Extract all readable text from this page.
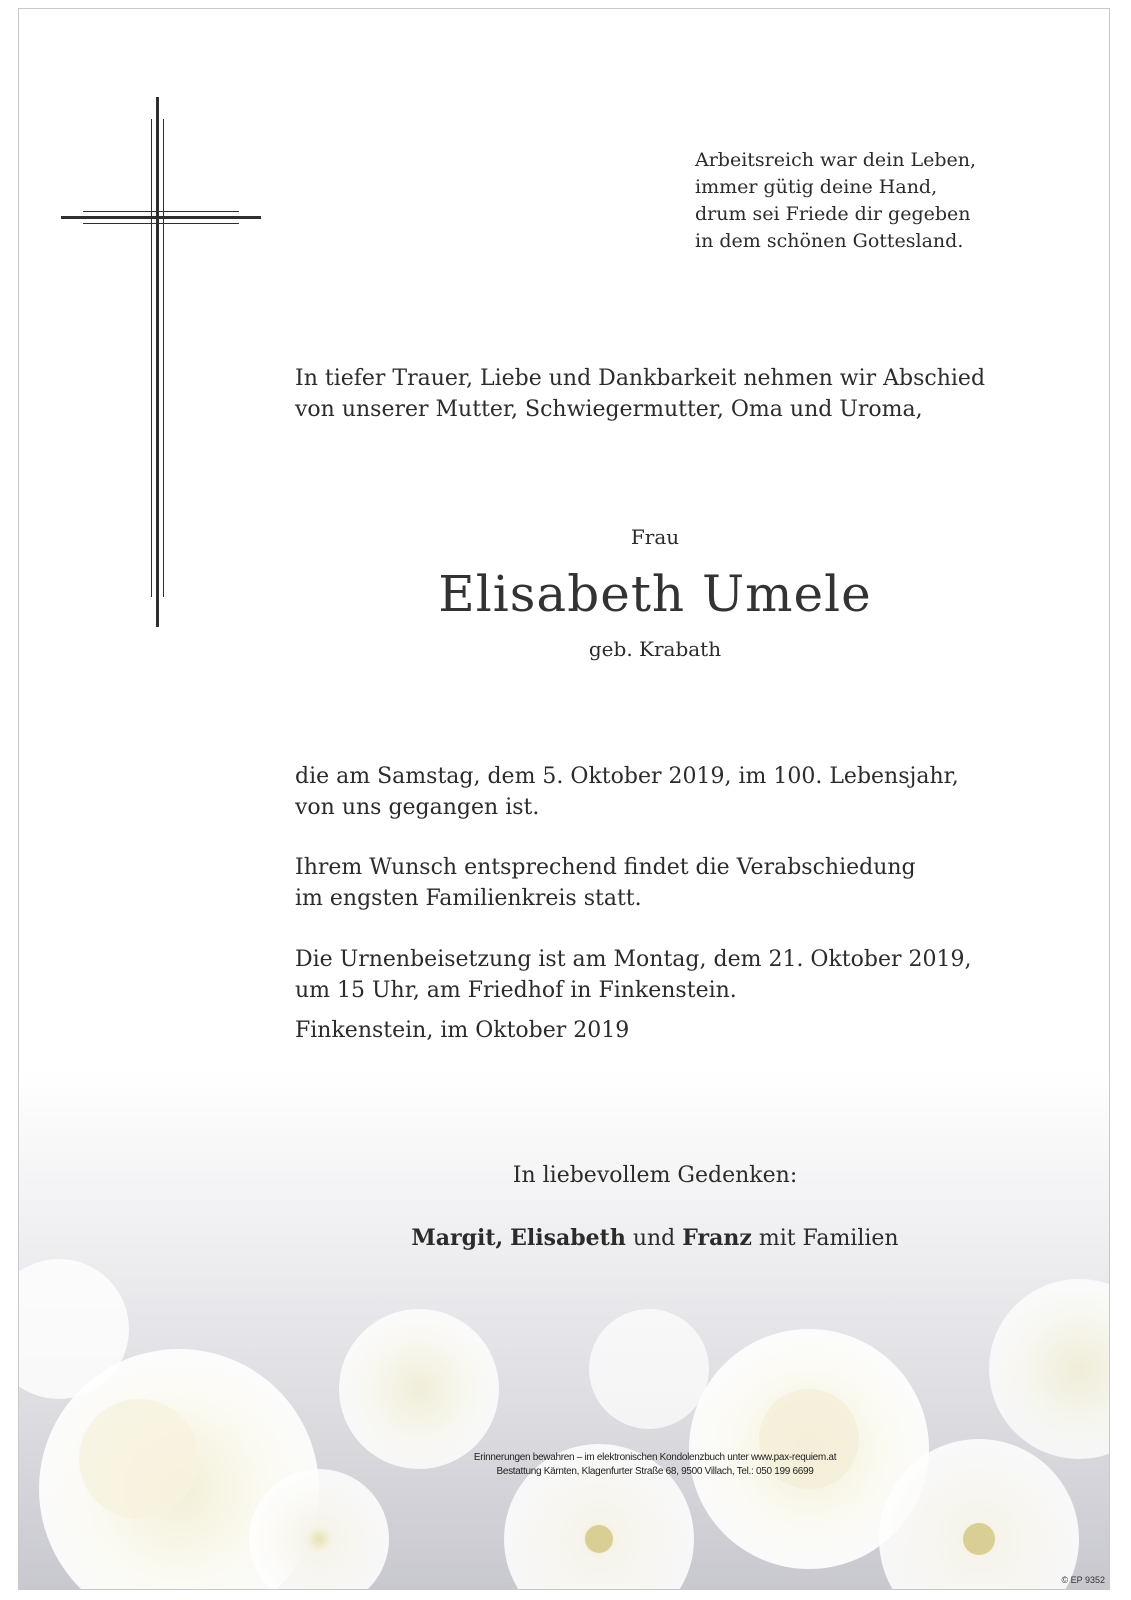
Arbeitsreich war dein Leben,
immer gütig deine Hand,
drum sei Friede dir gegeben
in dem schönen Gottesland.

In tiefer Trauer, Liebe und Dankbarkeit nehmen wir Abschied
von unserer Mutter, Schwiegermutter, Oma und Uroma,

Frau

Elisabeth Umele

geb. Krabath

die am Samstag, dem 5. Oktober 2019, im 100. Lebensjahr,
von uns gegangen ist.

Ihrem Wunsch entsprechend findet die Verabschiedung
im engsten Familienkreis statt.

Die Urnenbeisetzung ist am Montag, dem 21. Oktober 2019,
um 15 Uhr, am Friedhof in Finkenstein.

Finkenstein, im Oktober 2019

In liebevollem Gedenken:

Margit, Elisabeth und Franz mit Familien

Erinnerungen bewahren – im elektronischen Kondolenzbuch unter www.pax-requiem.at
Bestattung Kärnten, Klagenfurter Straße 68, 9500 Villach, Tel.: 050 199 6699

© EP 9352
